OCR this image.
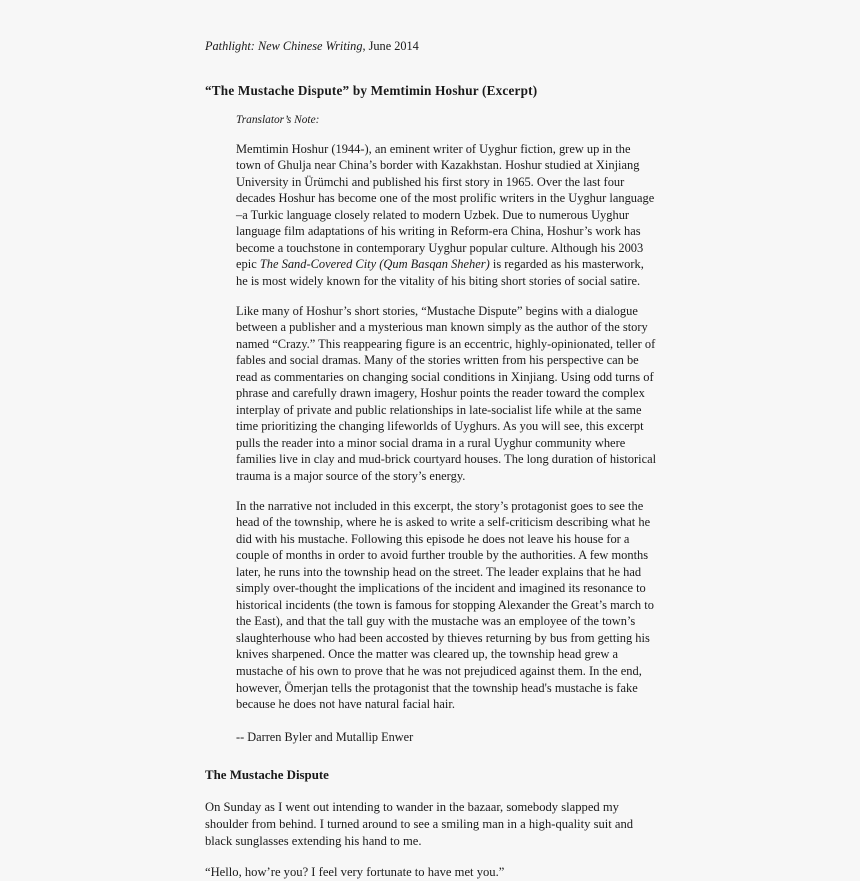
Pathlight: New Chinese Writing, June 2014

“The Mustache Dispute” by Memtimin Hoshur (Excerpt)

Translator’s Note:

Memtimin Hoshur (1944-), an eminent writer of Uyghur fiction, grew up in the town of Ghulja near China’s border with Kazakhstan. Hoshur studied at Xinjiang University in Ürümchi and published his first story in 1965. Over the last four decades Hoshur has become one of the most prolific writers in the Uyghur language –a Turkic language closely related to modern Uzbek. Due to numerous Uyghur language film adaptations of his writing in Reform-era China, Hoshur’s work has become a touchstone in contemporary Uyghur popular culture. Although his 2003 epic The Sand-Covered City (Qum Basqan Sheher) is regarded as his masterwork, he is most widely known for the vitality of his biting short stories of social satire.

Like many of Hoshur’s short stories, “Mustache Dispute” begins with a dialogue between a publisher and a mysterious man known simply as the author of the story named “Crazy.” This reappearing figure is an eccentric, highly-opinionated, teller of fables and social dramas. Many of the stories written from his perspective can be read as commentaries on changing social conditions in Xinjiang. Using odd turns of phrase and carefully drawn imagery, Hoshur points the reader toward the complex interplay of private and public relationships in late-socialist life while at the same time prioritizing the changing lifeworlds of Uyghurs. As you will see, this excerpt pulls the reader into a minor social drama in a rural Uyghur community where families live in clay and mud-brick courtyard houses. The long duration of historical trauma is a major source of the story’s energy.

In the narrative not included in this excerpt, the story’s protagonist goes to see the head of the township, where he is asked to write a self-criticism describing what he did with his mustache. Following this episode he does not leave his house for a couple of months in order to avoid further trouble by the authorities. A few months later, he runs into the township head on the street. The leader explains that he had simply over-thought the implications of the incident and imagined its resonance to historical incidents (the town is famous for stopping Alexander the Great’s march to the East), and that the tall guy with the mustache was an employee of the town’s slaughterhouse who had been accosted by thieves returning by bus from getting his knives sharpened. Once the matter was cleared up, the township head grew a mustache of his own to prove that he was not prejudiced against them. In the end, however, Ömerjan tells the protagonist that the township head's mustache is fake because he does not have natural facial hair.

-- Darren Byler and Mutallip Enwer

The Mustache Dispute

On Sunday as I went out intending to wander in the bazaar, somebody slapped my shoulder from behind. I turned around to see a smiling man in a high-quality suit and black sunglasses extending his hand to me.

“Hello, how’re you? I feel very fortunate to have met you.”
